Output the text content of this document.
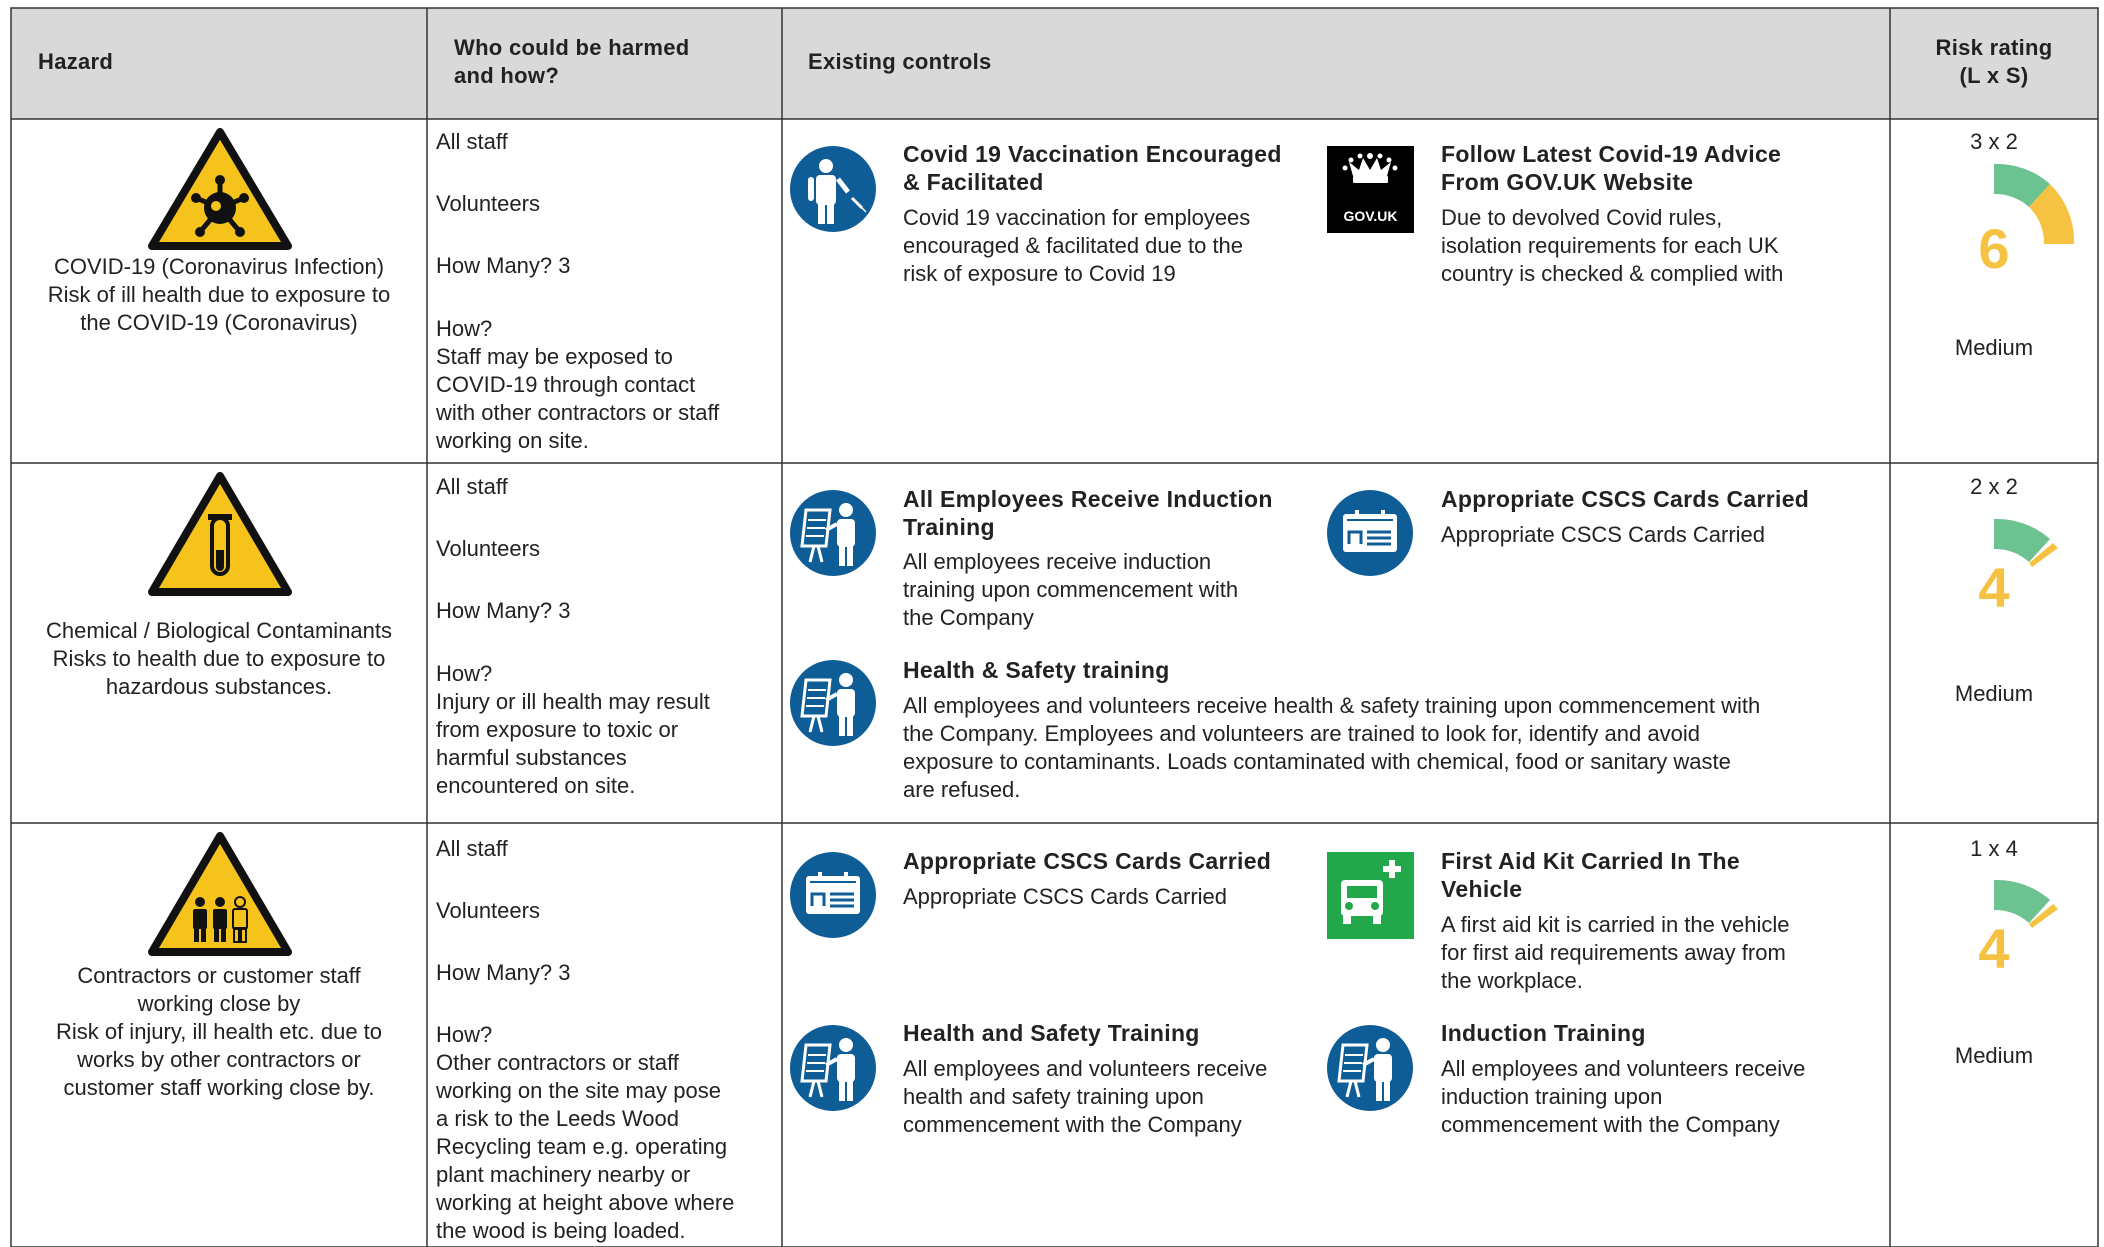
Hazard
Who could be harmed
and how?
Existing controls
Risk rating
(L x S)
COVID-19 (Coronavirus Infection)
Risk of ill health due to exposure to
the COVID-19 (Coronavirus)
All staff
Volunteers
How Many? 3
How?
Staff may be exposed to
COVID-19 through contact
with other contractors or staff
working on site.
Covid 19 Vaccination Encouraged
& Facilitated
Covid 19 vaccination for employees
encouraged & facilitated due to the
risk of exposure to Covid 19
GOV.UK
Follow Latest Covid-19 Advice
From GOV.UK Website
Due to devolved Covid rules,
isolation requirements for each UK
country is checked & complied with
3 x 2
6
Medium
Chemical / Biological Contaminants
Risks to health due to exposure to
hazardous substances.
All staff
Volunteers
How Many? 3
How?
Injury or ill health may result
from exposure to toxic or
harmful substances
encountered on site.
All Employees Receive Induction
Training
All employees receive induction
training upon commencement with
the Company
Appropriate CSCS Cards Carried
Appropriate CSCS Cards Carried
Health & Safety training
All employees and volunteers receive health & safety training upon commencement with
the Company. Employees and volunteers are trained to look for, identify and avoid
exposure to contaminants. Loads contaminated with chemical, food or sanitary waste
are refused.
2 x 2
4
Medium
Contractors or customer staff
working close by
Risk of injury, ill health etc. due to
works by other contractors or
customer staff working close by.
All staff
Volunteers
How Many? 3
How?
Other contractors or staff
working on the site may pose
a risk to the Leeds Wood
Recycling team e.g. operating
plant machinery nearby or
working at height above where
the wood is being loaded.
Appropriate CSCS Cards Carried
Appropriate CSCS Cards Carried
First Aid Kit Carried In The
Vehicle
A first aid kit is carried in the vehicle
for first aid requirements away from
the workplace.
Health and Safety Training
All employees and volunteers receive
health and safety training upon
commencement with the Company
Induction Training
All employees and volunteers receive
induction training upon
commencement with the Company
1 x 4
4
Medium
